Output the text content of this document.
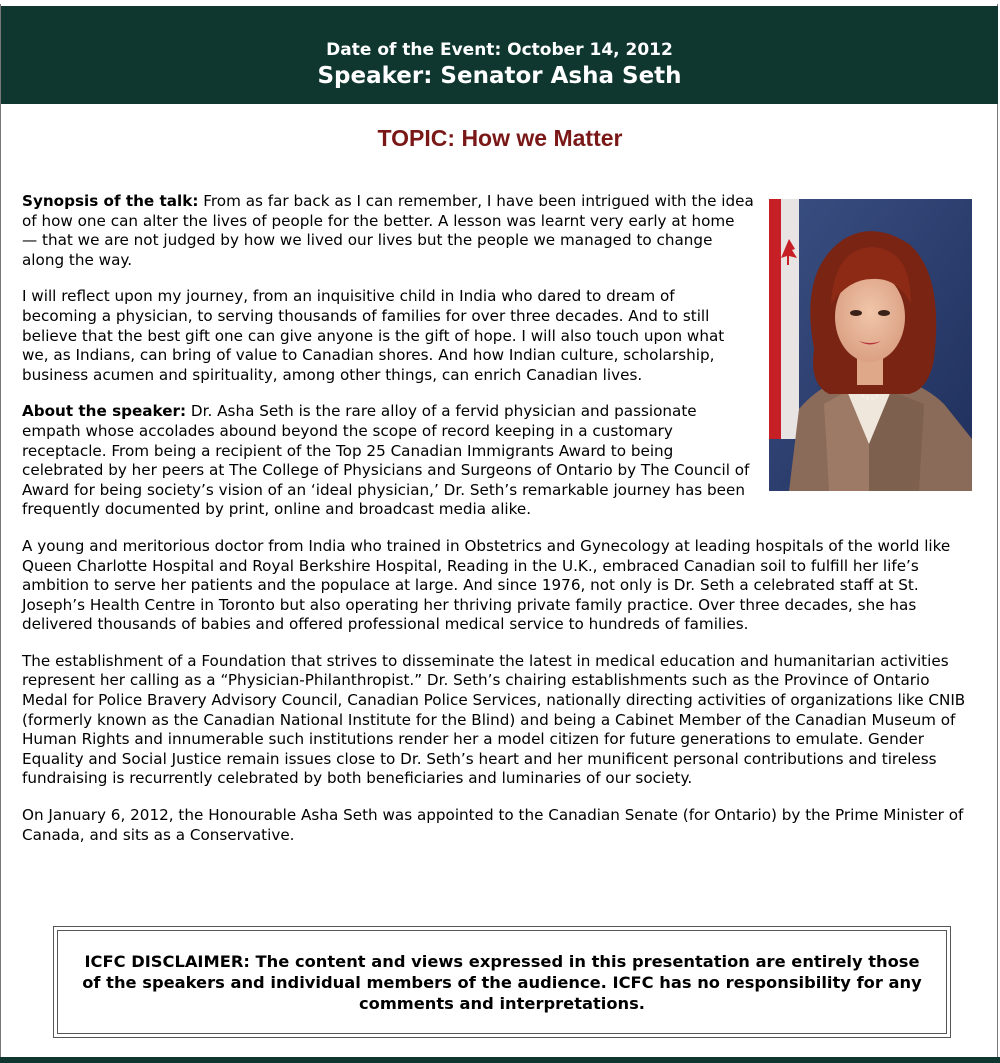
Date of the Event: October 14, 2012
Speaker: Senator Asha Seth
TOPIC: How we Matter

Synopsis of the talk: From as far back as I can remember, I have been intrigued with the idea of how one can alter the lives of people for the better. A lesson was learnt very early at home — that we are not judged by how we lived our lives but the people we managed to change along the way.

I will reflect upon my journey, from an inquisitive child in India who dared to dream of becoming a physician, to serving thousands of families for over three decades. And to still believe that the best gift one can give anyone is the gift of hope. I will also touch upon what we, as Indians, can bring of value to Canadian shores. And how Indian culture, scholarship, business acumen and spirituality, among other things, can enrich Canadian lives.

About the speaker: Dr. Asha Seth is the rare alloy of a fervid physician and passionate empath whose accolades abound beyond the scope of record keeping in a customary receptacle. From being a recipient of the Top 25 Canadian Immigrants Award to being celebrated by her peers at The College of Physicians and Surgeons of Ontario by The Council of Award for being society’s vision of an ‘ideal physician,’ Dr. Seth’s remarkable journey has been frequently documented by print, online and broadcast media alike.

A young and meritorious doctor from India who trained in Obstetrics and Gynecology at leading hospitals of the world like Queen Charlotte Hospital and Royal Berkshire Hospital, Reading in the U.K., embraced Canadian soil to fulfill her life’s ambition to serve her patients and the populace at large. And since 1976, not only is Dr. Seth a celebrated staff at St. Joseph’s Health Centre in Toronto but also operating her thriving private family practice. Over three decades, she has delivered thousands of babies and offered professional medical service to hundreds of families.

The establishment of a Foundation that strives to disseminate the latest in medical education and humanitarian activities represent her calling as a “Physician-Philanthropist.” Dr. Seth’s chairing establishments such as the Province of Ontario Medal for Police Bravery Advisory Council, Canadian Police Services, nationally directing activities of organizations like CNIB (formerly known as the Canadian National Institute for the Blind) and being a Cabinet Member of the Canadian Museum of Human Rights and innumerable such institutions render her a model citizen for future generations to emulate. Gender Equality and Social Justice remain issues close to Dr. Seth’s heart and her munificent personal contributions and tireless fundraising is recurrently celebrated by both beneficiaries and luminaries of our society.

On January 6, 2012, the Honourable Asha Seth was appointed to the Canadian Senate (for Ontario) by the Prime Minister of Canada, and sits as a Conservative.

ICFC DISCLAIMER: The content and views expressed in this presentation are entirely those of the speakers and individual members of the audience. ICFC has no responsibility for any comments and interpretations.
